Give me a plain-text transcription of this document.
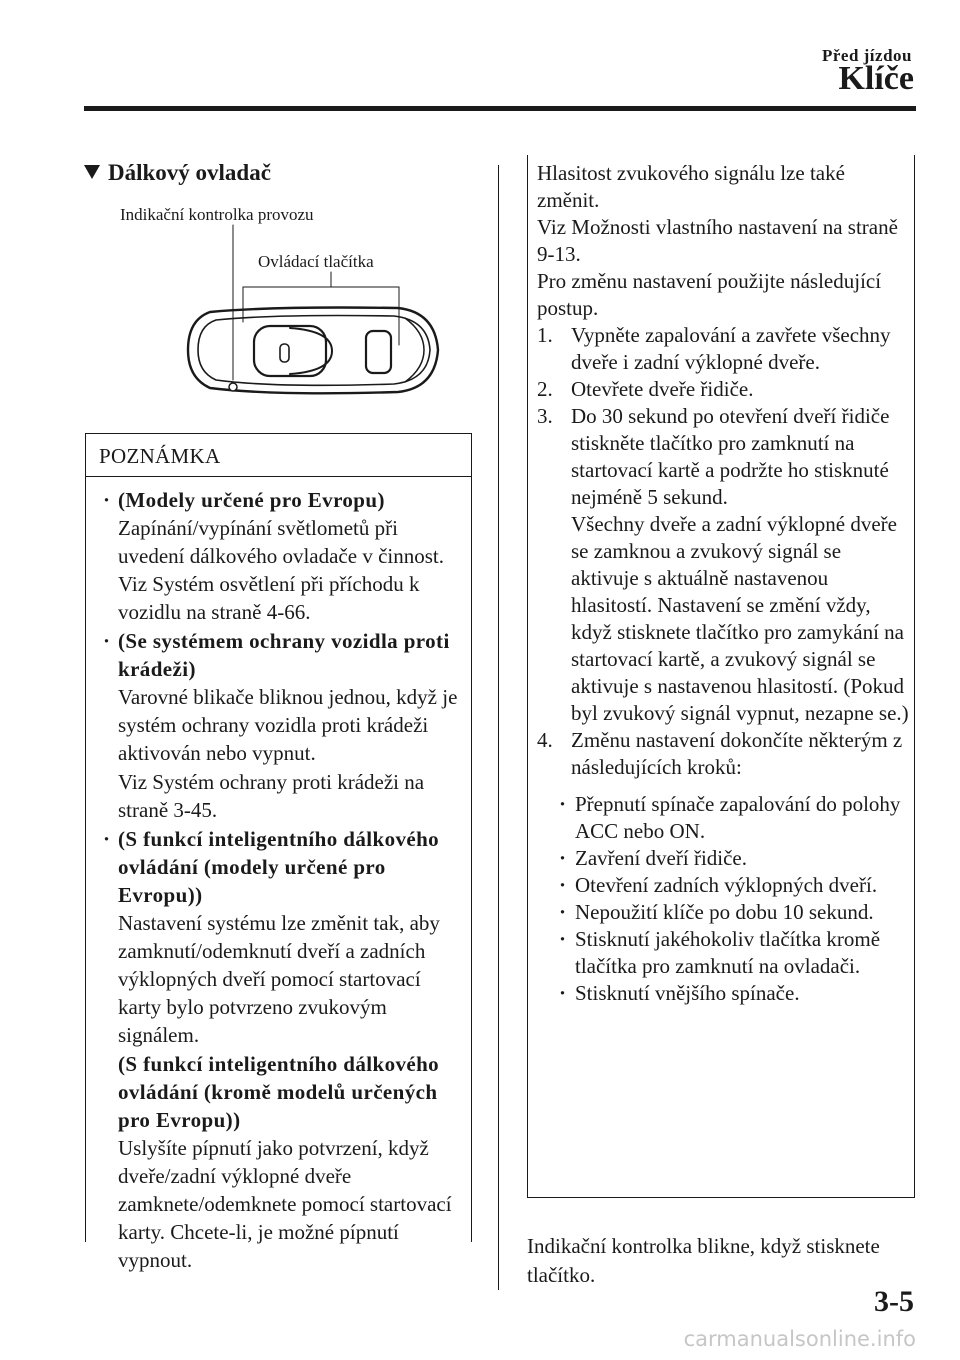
Před jízdou
Klíče
Dálkový ovladač
Indikační kontrolka provozu
Ovládací tlačítka
POZNÁMKA
· (Modely určené pro Evropu)
Zapínání/vypínání světlometů při uvedení dálkového ovladače v činnost. Viz Systém osvětlení při příchodu k vozidlu na straně 4-66.
· (Se systémem ochrany vozidla proti krádeži)
Varovné blikače bliknou jednou, když je systém ochrany vozidla proti krádeži aktivován nebo vypnut.
Viz Systém ochrany proti krádeži na straně 3-45.
· (S funkcí inteligentního dálkového ovládání (modely určené pro Evropu))
Nastavení systému lze změnit tak, aby zamknutí/odemknutí dveří a zadních výklopných dveří pomocí startovací karty bylo potvrzeno zvukovým signálem.
(S funkcí inteligentního dálkového ovládání (kromě modelů určených pro Evropu))
Uslyšíte pípnutí jako potvrzení, když dveře/zadní výklopné dveře zamknete/odemknete pomocí startovací karty. Chcete-li, je možné pípnutí vypnout.

Hlasitost zvukového signálu lze také změnit.

Viz Možnosti vlastního nastavení na straně 9-13.

Pro změnu nastavení použijte následující postup.

1. Vypněte zapalování a zavřete všechny dveře i zadní výklopné dveře.
2. Otevřete dveře řidiče.
3. Do 30 sekund po otevření dveří řidiče stiskněte tlačítko pro zamknutí na startovací kartě a podržte ho stisknuté nejméně 5 sekund.
Všechny dveře a zadní výklopné dveře se zamknou a zvukový signál se aktivuje s aktuálně nastavenou hlasitostí. Nastavení se změní vždy, když stisknete tlačítko pro zamykání na startovací kartě, a zvukový signál se aktivuje s nastavenou hlasitostí. (Pokud byl zvukový signál vypnut, nezapne se.)
4. Změnu nastavení dokončíte některým z následujících kroků:
· Přepnutí spínače zapalování do polohy ACC nebo ON.
· Zavření dveří řidiče.
· Otevření zadních výklopných dveří.
· Nepoužití klíče po dobu 10 sekund.
· Stisknutí jakéhokoliv tlačítka kromě tlačítka pro zamknutí na ovladači.
· Stisknutí vnějšího spínače.
Indikační kontrolka blikne, když stisknete tlačítko.
3-5
carmanualsonline.info
